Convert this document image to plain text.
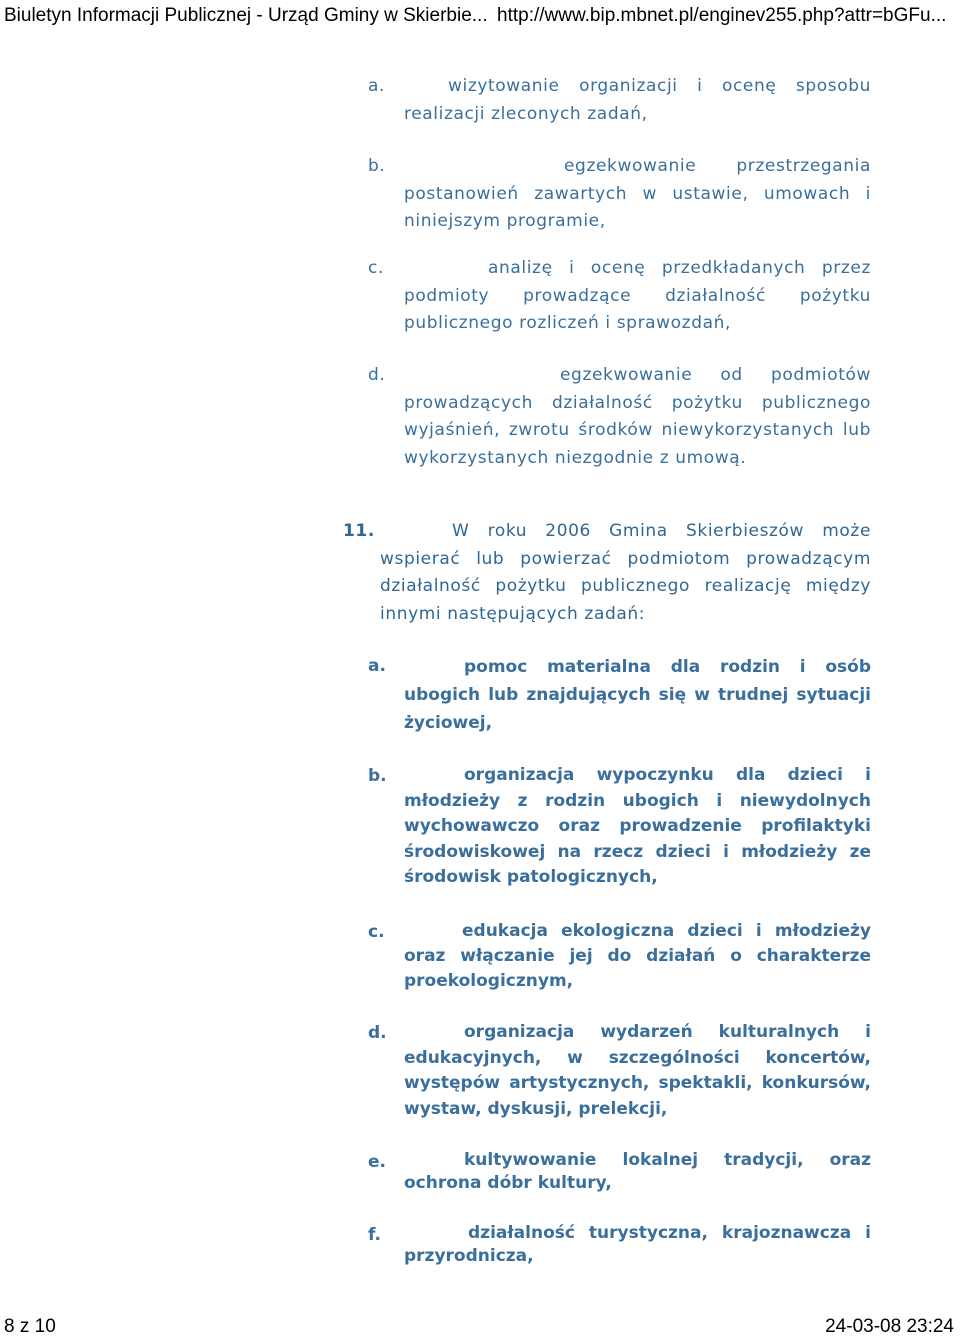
Biuletyn Informacji Publicznej - Urząd Gminy w Skierbie... http://www.bip.mbnet.pl/enginev255.php?attr=bGFu...
a.	wizytowanie organizacji i ocenę sposobu realizacji zleconych zadań,
b.	egzekwowanie przestrzegania postanowień zawartych w ustawie, umowach i niniejszym programie,
c.	analizę i ocenę przedkładanych przez podmioty prowadzące działalność pożytku publicznego rozliczeń i sprawozdań,
d.	egzekwowanie od podmiotów prowadzących działalność pożytku publicznego wyjaśnień, zwrotu środków niewykorzystanych lub wykorzystanych niezgodnie z umową.
11.	W roku 2006 Gmina Skierbieszów może wspierać lub powierzać podmiotom prowadzącym działalność pożytku publicznego realizację między innymi następujących zadań:
a.	pomoc materialna dla rodzin i osób ubogich lub znajdujących się w trudnej sytuacji życiowej,
b.	organizacja wypoczynku dla dzieci i młodzieży z rodzin ubogich i niewydolnych wychowawczo oraz prowadzenie profilaktyki środowiskowej na rzecz dzieci i młodzieży ze środowisk patologicznych,
c.	edukacja ekologiczna dzieci i młodzieży oraz włączanie jej do działań o charakterze proekologicznym,
d.	organizacja wydarzeń kulturalnych i edukacyjnych, w szczególności koncertów, występów artystycznych, spektakli, konkursów, wystaw, dyskusji, prelekcji,
e.	kultywowanie lokalnej tradycji, oraz ochrona dóbr kultury,
f.	działalność turystyczna, krajoznawcza i przyrodnicza,
8 z 10	24-03-08 23:24
